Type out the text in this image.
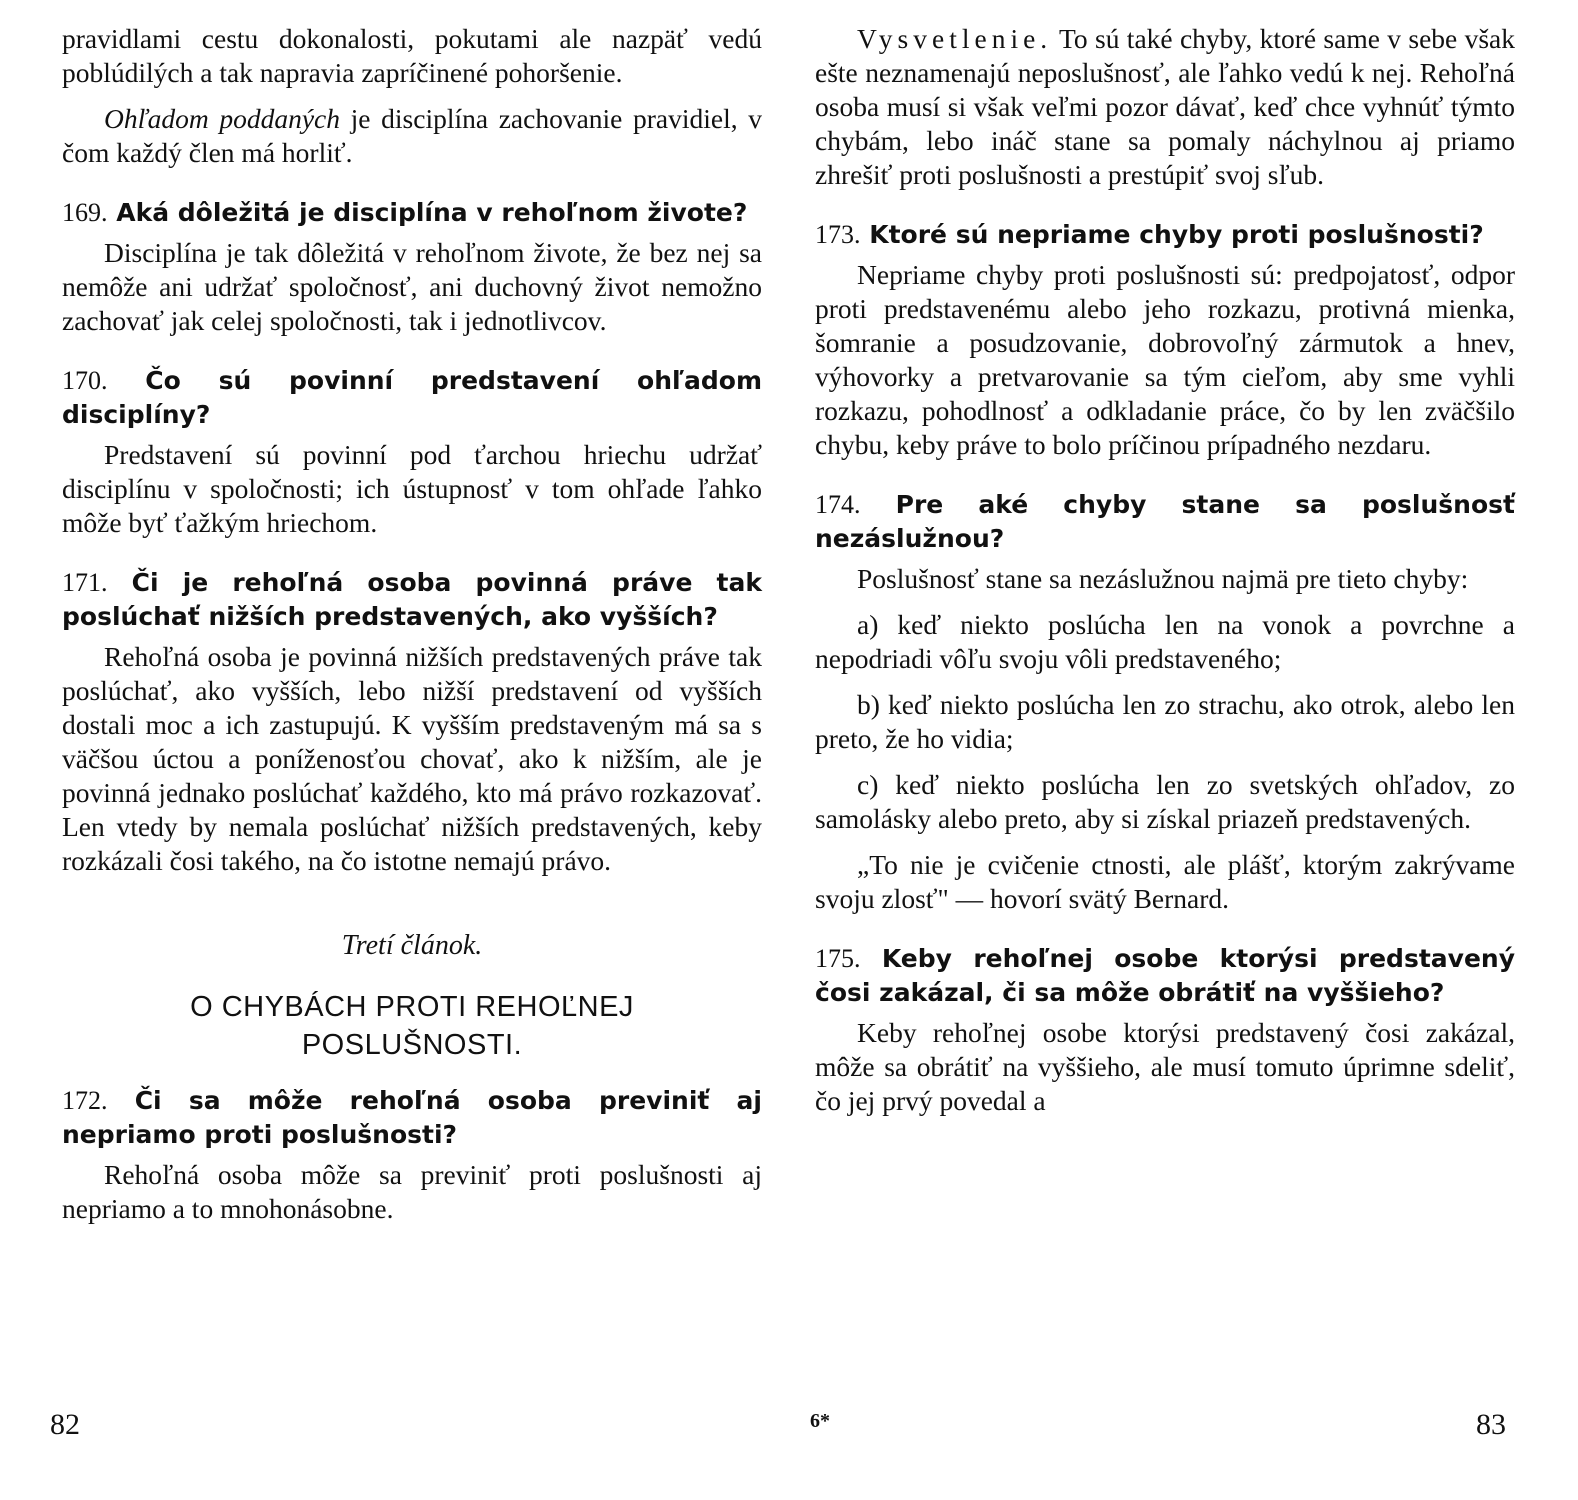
pravidlami cestu dokonalosti, pokutami ale nazpäť vedú poblúdilých a tak napravia zapríčinené pohoršenie.

Ohľadom poddaných je disciplína zachovanie pravidiel, v čom každý člen má horliť.

169. Aká dôležitá je disciplína v rehoľnom živote?

Disciplína je tak dôležitá v rehoľnom živote, že bez nej sa nemôže ani udržať spoločnosť, ani duchovný život nemožno zachovať jak celej spoločnosti, tak i jednotlivcov.

170. Čo sú povinní predstavení ohľadom disciplíny?

Predstavení sú povinní pod ťarchou hriechu udržať disciplínu v spoločnosti; ich ústupnosť v tom ohľade ľahko môže byť ťažkým hriechom.

171. Či je rehoľná osoba povinná práve tak poslúchať nižších predstavených, ako vyšších?

Rehoľná osoba je povinná nižších predstavených práve tak poslúchať, ako vyšších, lebo nižší predstavení od vyšších dostali moc a ich zastupujú. K vyšším predstaveným má sa s väčšou úctou a poníženosťou chovať, ako k nižším, ale je povinná jednako poslúchať každého, kto má právo rozkazovať. Len vtedy by nemala poslúchať nižších predstavených, keby rozkázali čosi takého, na čo istotne nemajú právo.

Tretí článok.
O CHYBÁCH PROTI REHOĽNEJ
POSLUŠNOSTI.
172. Či sa môže rehoľná osoba previniť aj nepriamo proti poslušnosti?

Rehoľná osoba môže sa previniť proti poslušnosti aj nepriamo a to mnohonásobne.

Vysvetlenie. To sú také chyby, ktoré same v sebe však ešte neznamenajú neposlušnosť, ale ľahko vedú k nej. Rehoľná osoba musí si však veľmi pozor dávať, keď chce vyhnúť týmto chybám, lebo ináč stane sa pomaly náchylnou aj priamo zhrešiť proti poslušnosti a prestúpiť svoj sľub.

173. Ktoré sú nepriame chyby proti poslušnosti?

Nepriame chyby proti poslušnosti sú: predpojatosť, odpor proti predstavenému alebo jeho rozkazu, protivná mienka, šomranie a posudzovanie, dobrovoľný zármutok a hnev, výhovorky a pretvarovanie sa tým cieľom, aby sme vyhli rozkazu, pohodlnosť a odkladanie práce, čo by len zväčšilo chybu, keby práve to bolo príčinou prípadného nezdaru.

174. Pre aké chyby stane sa poslušnosť nezáslužnou?

Poslušnosť stane sa nezáslužnou najmä pre tieto chyby:

a) keď niekto poslúcha len na vonok a povrchne a nepodriadi vôľu svoju vôli predstaveného;

b) keď niekto poslúcha len zo strachu, ako otrok, alebo len preto, že ho vidia;

c) keď niekto poslúcha len zo svetských ohľadov, zo samolásky alebo preto, aby si získal priazeň predstavených.

„To nie je cvičenie ctnosti, ale plášť, ktorým zakrývame svoju zlosť" — hovorí svätý Bernard.

175. Keby rehoľnej osobe ktorýsi predstavený čosi zakázal, či sa môže obrátiť na vyššieho?

Keby rehoľnej osobe ktorýsi predstavený čosi zakázal, môže sa obrátiť na vyššieho, ale musí tomuto úprimne sdeliť, čo jej prvý povedal a

82	6*	83
